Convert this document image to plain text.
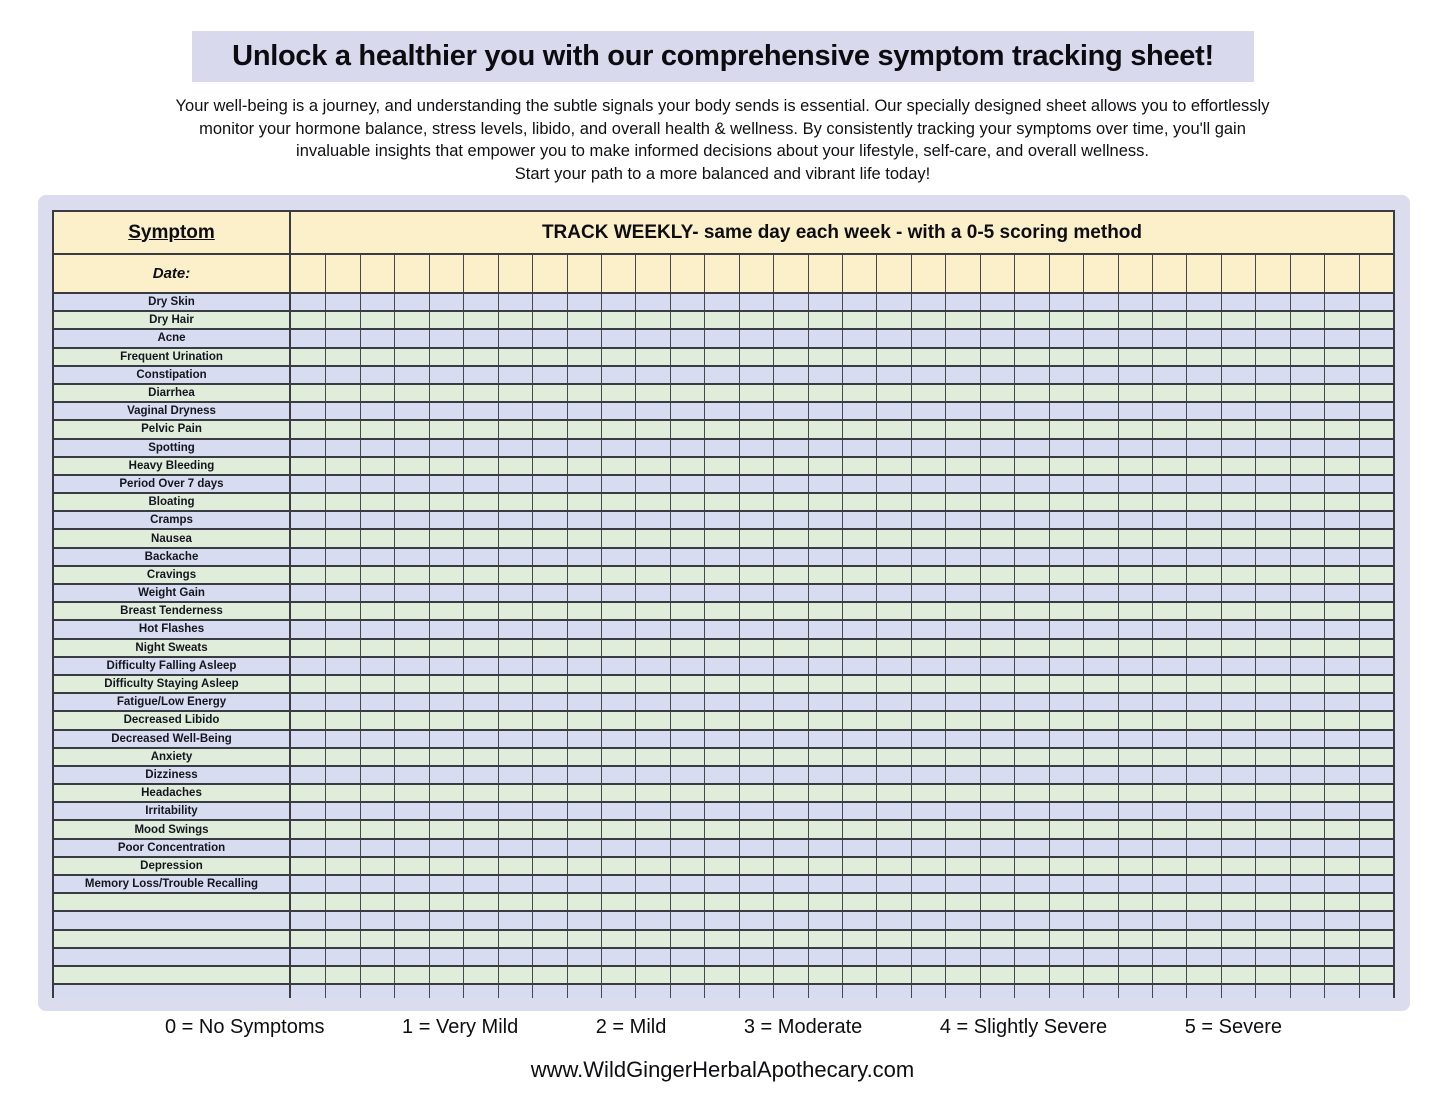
Unlock a healthier you with our comprehensive symptom tracking sheet!
Your well-being is a journey, and understanding the subtle signals your body sends is essential. Our specially designed sheet allows you to effortlessly
monitor your hormone balance, stress levels, libido, and overall health & wellness. By consistently tracking your symptoms over time, you'll gain
invaluable insights that empower you to make informed decisions about your lifestyle, self-care, and overall wellness.
Start your path to a more balanced and vibrant life today!
Symptom	TRACK WEEKLY- same day each week - with a 0-5 scoring method
Date:
Dry Skin
Dry Hair
Acne
Frequent Urination
Constipation
Diarrhea
Vaginal Dryness
Pelvic Pain
Spotting
Heavy Bleeding
Period Over 7 days
Bloating
Cramps
Nausea
Backache
Cravings
Weight Gain
Breast Tenderness
Hot Flashes
Night Sweats
Difficulty Falling Asleep
Difficulty Staying Asleep
Fatigue/Low Energy
Decreased Libido
Decreased Well-Being
Anxiety
Dizziness
Headaches
Irritability
Mood Swings
Poor Concentration
Depression
Memory Loss/Trouble Recalling
0 = No Symptoms	1 = Very Mild	2 = Mild	3 = Moderate	4 = Slightly Severe	5 = Severe
www.WildGingerHerbalApothecary.com
